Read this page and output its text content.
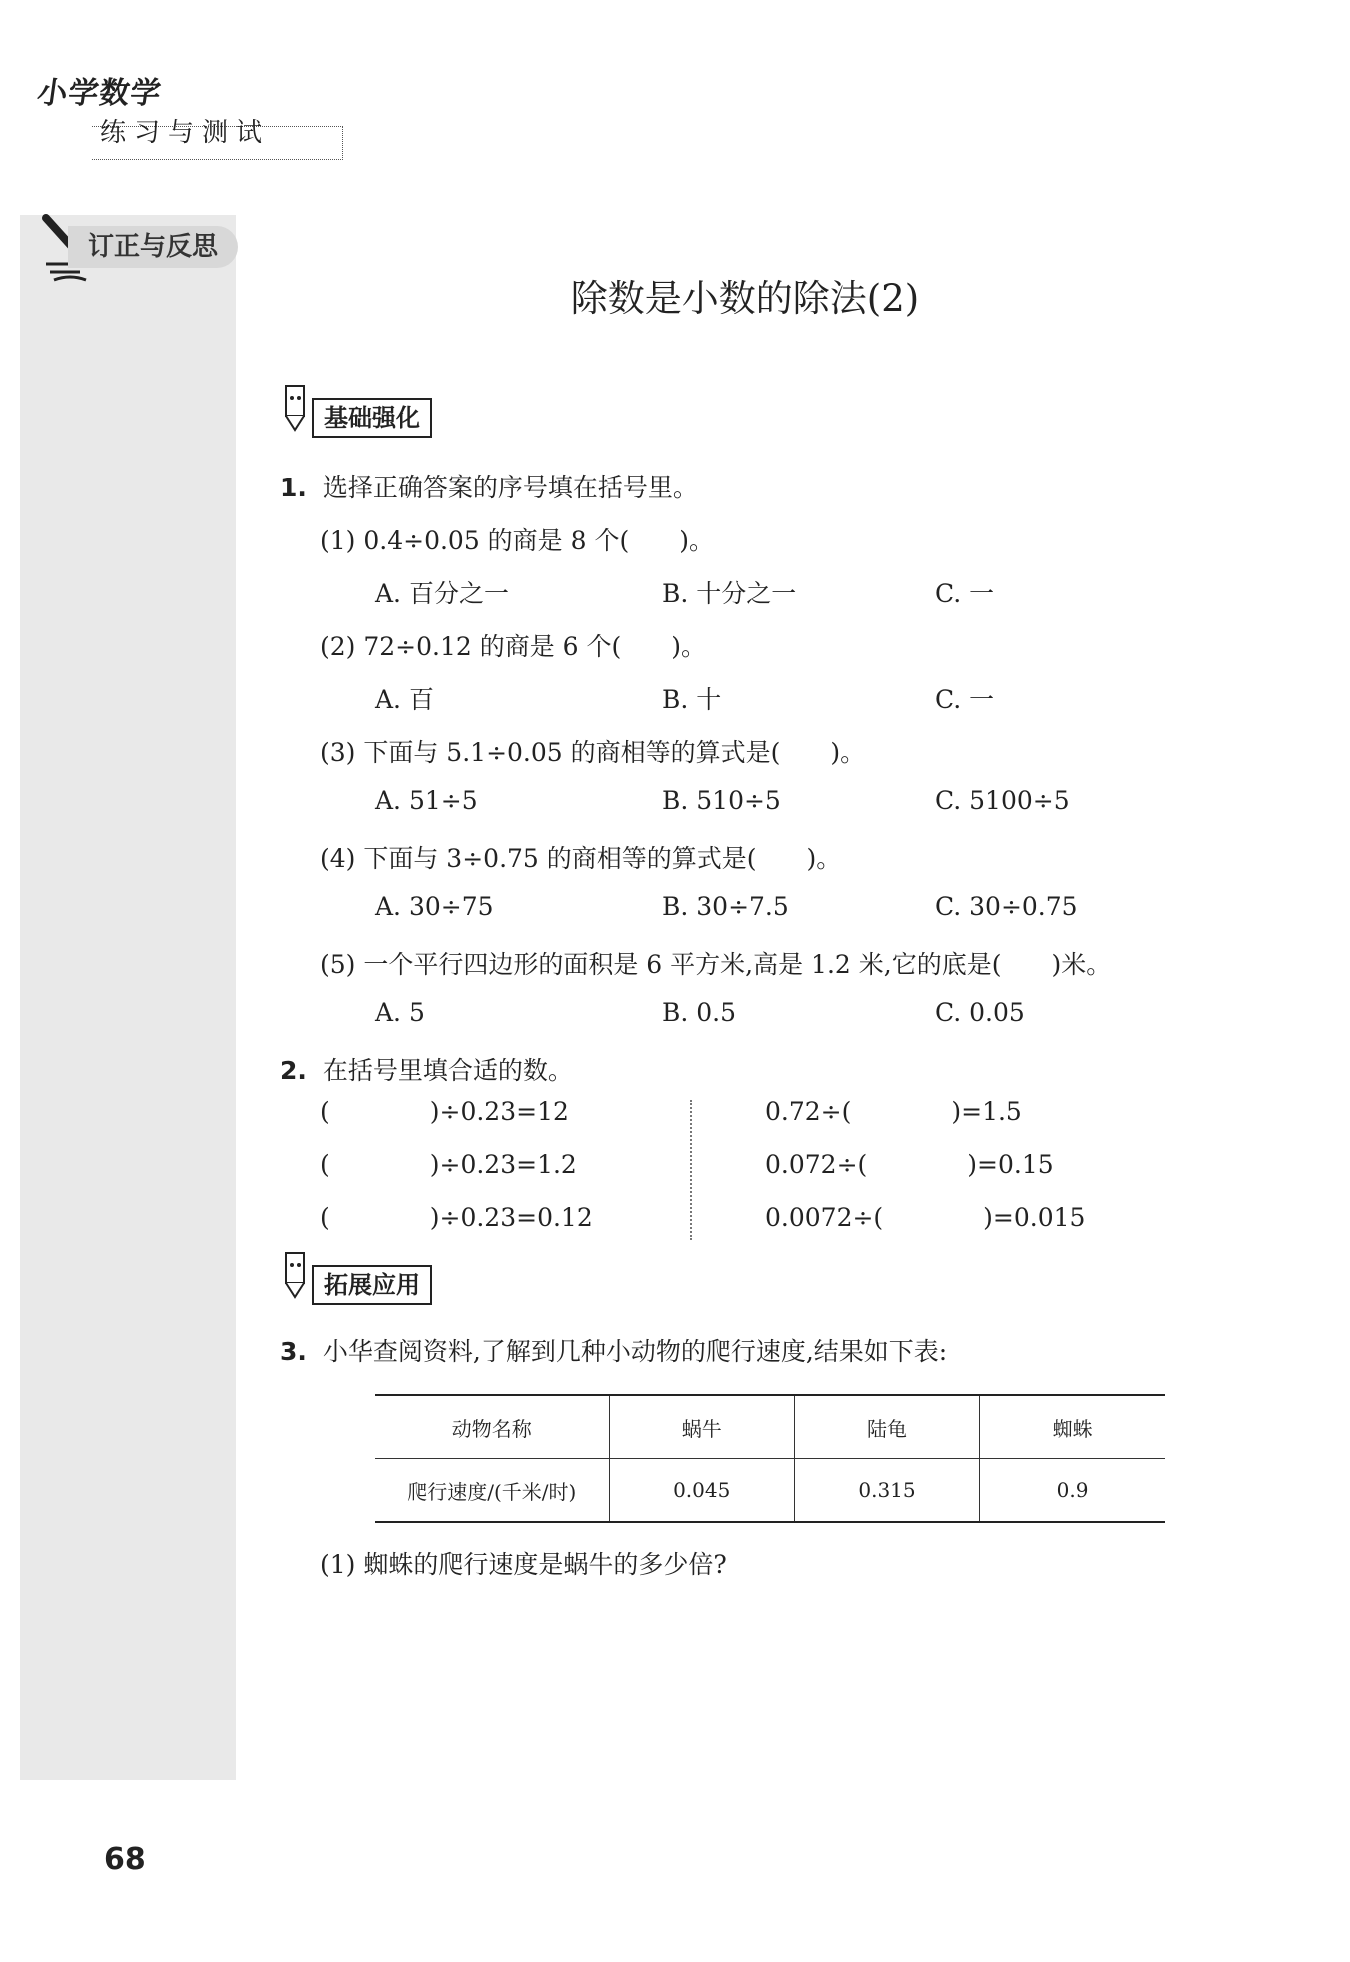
小学数学
练习与测试
订正与反思
除数是小数的除法(2)
基础强化
1. 选择正确答案的序号填在括号里。
(1) 0.4÷0.05 的商是 8 个(　　)。
A. 百分之一	B. 十分之一	C. 一
(2) 72÷0.12 的商是 6 个(　　)。
A. 百	B. 十	C. 一
(3) 下面与 5.1÷0.05 的商相等的算式是(　　)。
A. 51÷5	B. 510÷5	C. 5100÷5
(4) 下面与 3÷0.75 的商相等的算式是(　　)。
A. 30÷75	B. 30÷7.5	C. 30÷0.75
(5) 一个平行四边形的面积是 6 平方米,高是 1.2 米,它的底是(　　)米。
A. 5	B. 0.5	C. 0.05
2. 在括号里填合适的数。
(　　　　)÷0.23=12
(　　　　)÷0.23=1.2
(　　　　)÷0.23=0.12
0.72÷(　　　　)=1.5
0.072÷(　　　　)=0.15
0.0072÷(　　　　)=0.015
拓展应用
3. 小华查阅资料,了解到几种小动物的爬行速度,结果如下表:
动物名称	蜗牛	陆龟	蜘蛛
爬行速度/(千米/时)	0.045	0.315	0.9
(1) 蜘蛛的爬行速度是蜗牛的多少倍?
68
